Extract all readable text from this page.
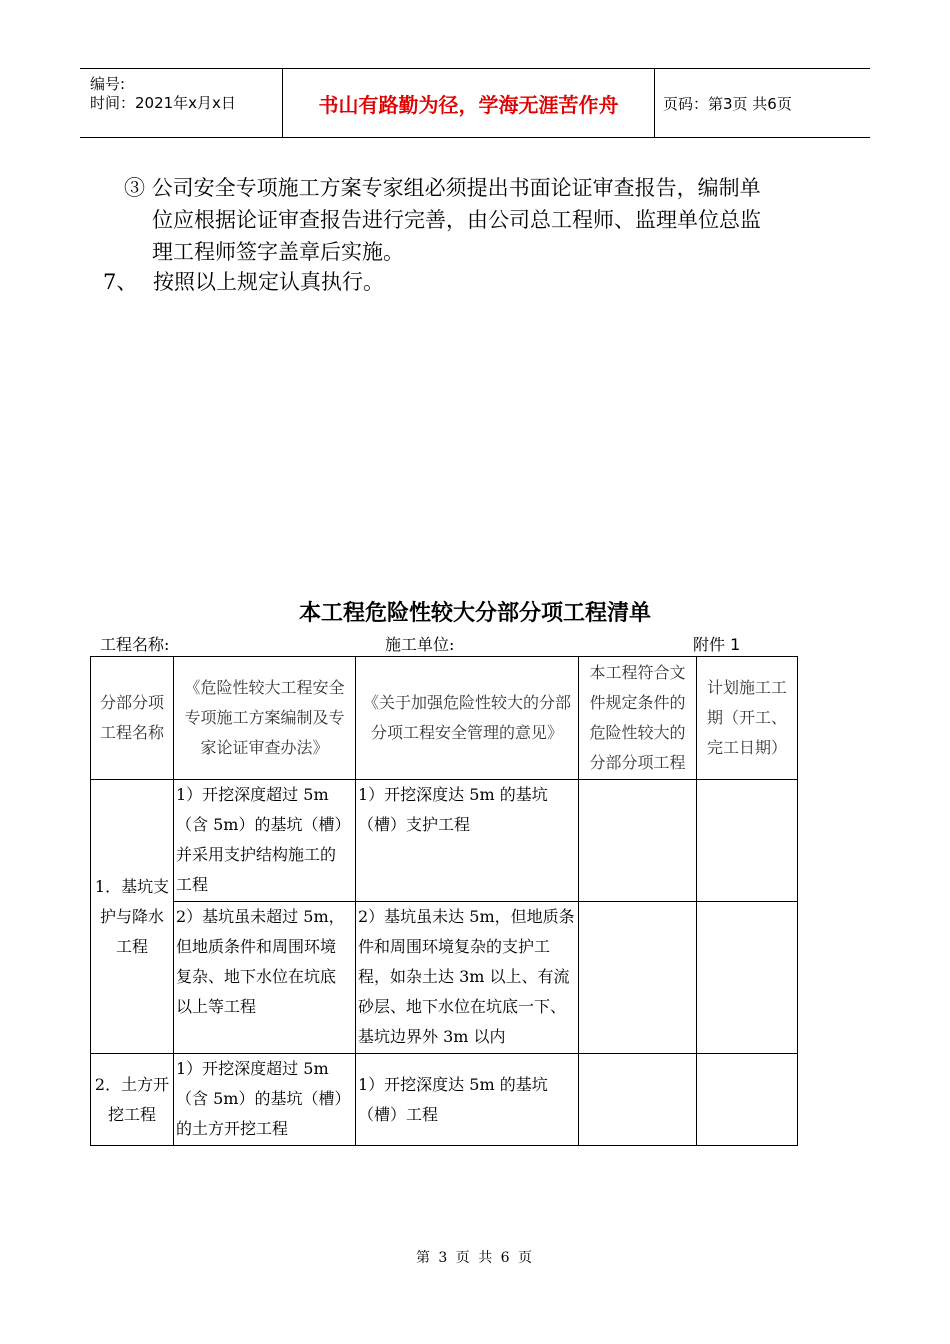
编号:
时间：2021年x月x日	书山有路勤为径，学海无涯苦作舟	页码：第3页 共6页
③ 公司安全专项施工方案专家组必须提出书面论证审查报告，编制单
位应根据论证审查报告进行完善，由公司总工程师、监理单位总监
理工程师签字盖章后实施。
7、 按照以上规定认真执行。
本工程危险性较大分部分项工程清单
工程名称:	施工单位:	附件 1
分部分项
工程名称	《危险性较大工程安全
专项施工方案编制及专
家论证审查办法》	《关于加强危险性较大的分部
分项工程安全管理的意见》	本工程符合文
件规定条件的
危险性较大的
分部分项工程	计划施工工
期（开工、
完工日期）

1．基坑支
护与降水
工程	1）开挖深度超过 5m
（含 5m）的基坑（槽）
并采用支护结构施工的
工程	1）开挖深度达 5m 的基坑
（槽）支护工程		

	2）基坑虽未超过 5m，
但地质条件和周围环境
复杂、地下水位在坑底
以上等工程	2）基坑虽未达 5m，但地质条
件和周围环境复杂的支护工
程，如杂土达 3m 以上、有流
砂层、地下水位在坑底一下、
基坑边界外 3m 以内		

2．土方开
挖工程	1）开挖深度超过 5m
（含 5m）的基坑（槽）
的土方开挖工程	1）开挖深度达 5m 的基坑
（槽）工程		

第 3 页 共 6 页
